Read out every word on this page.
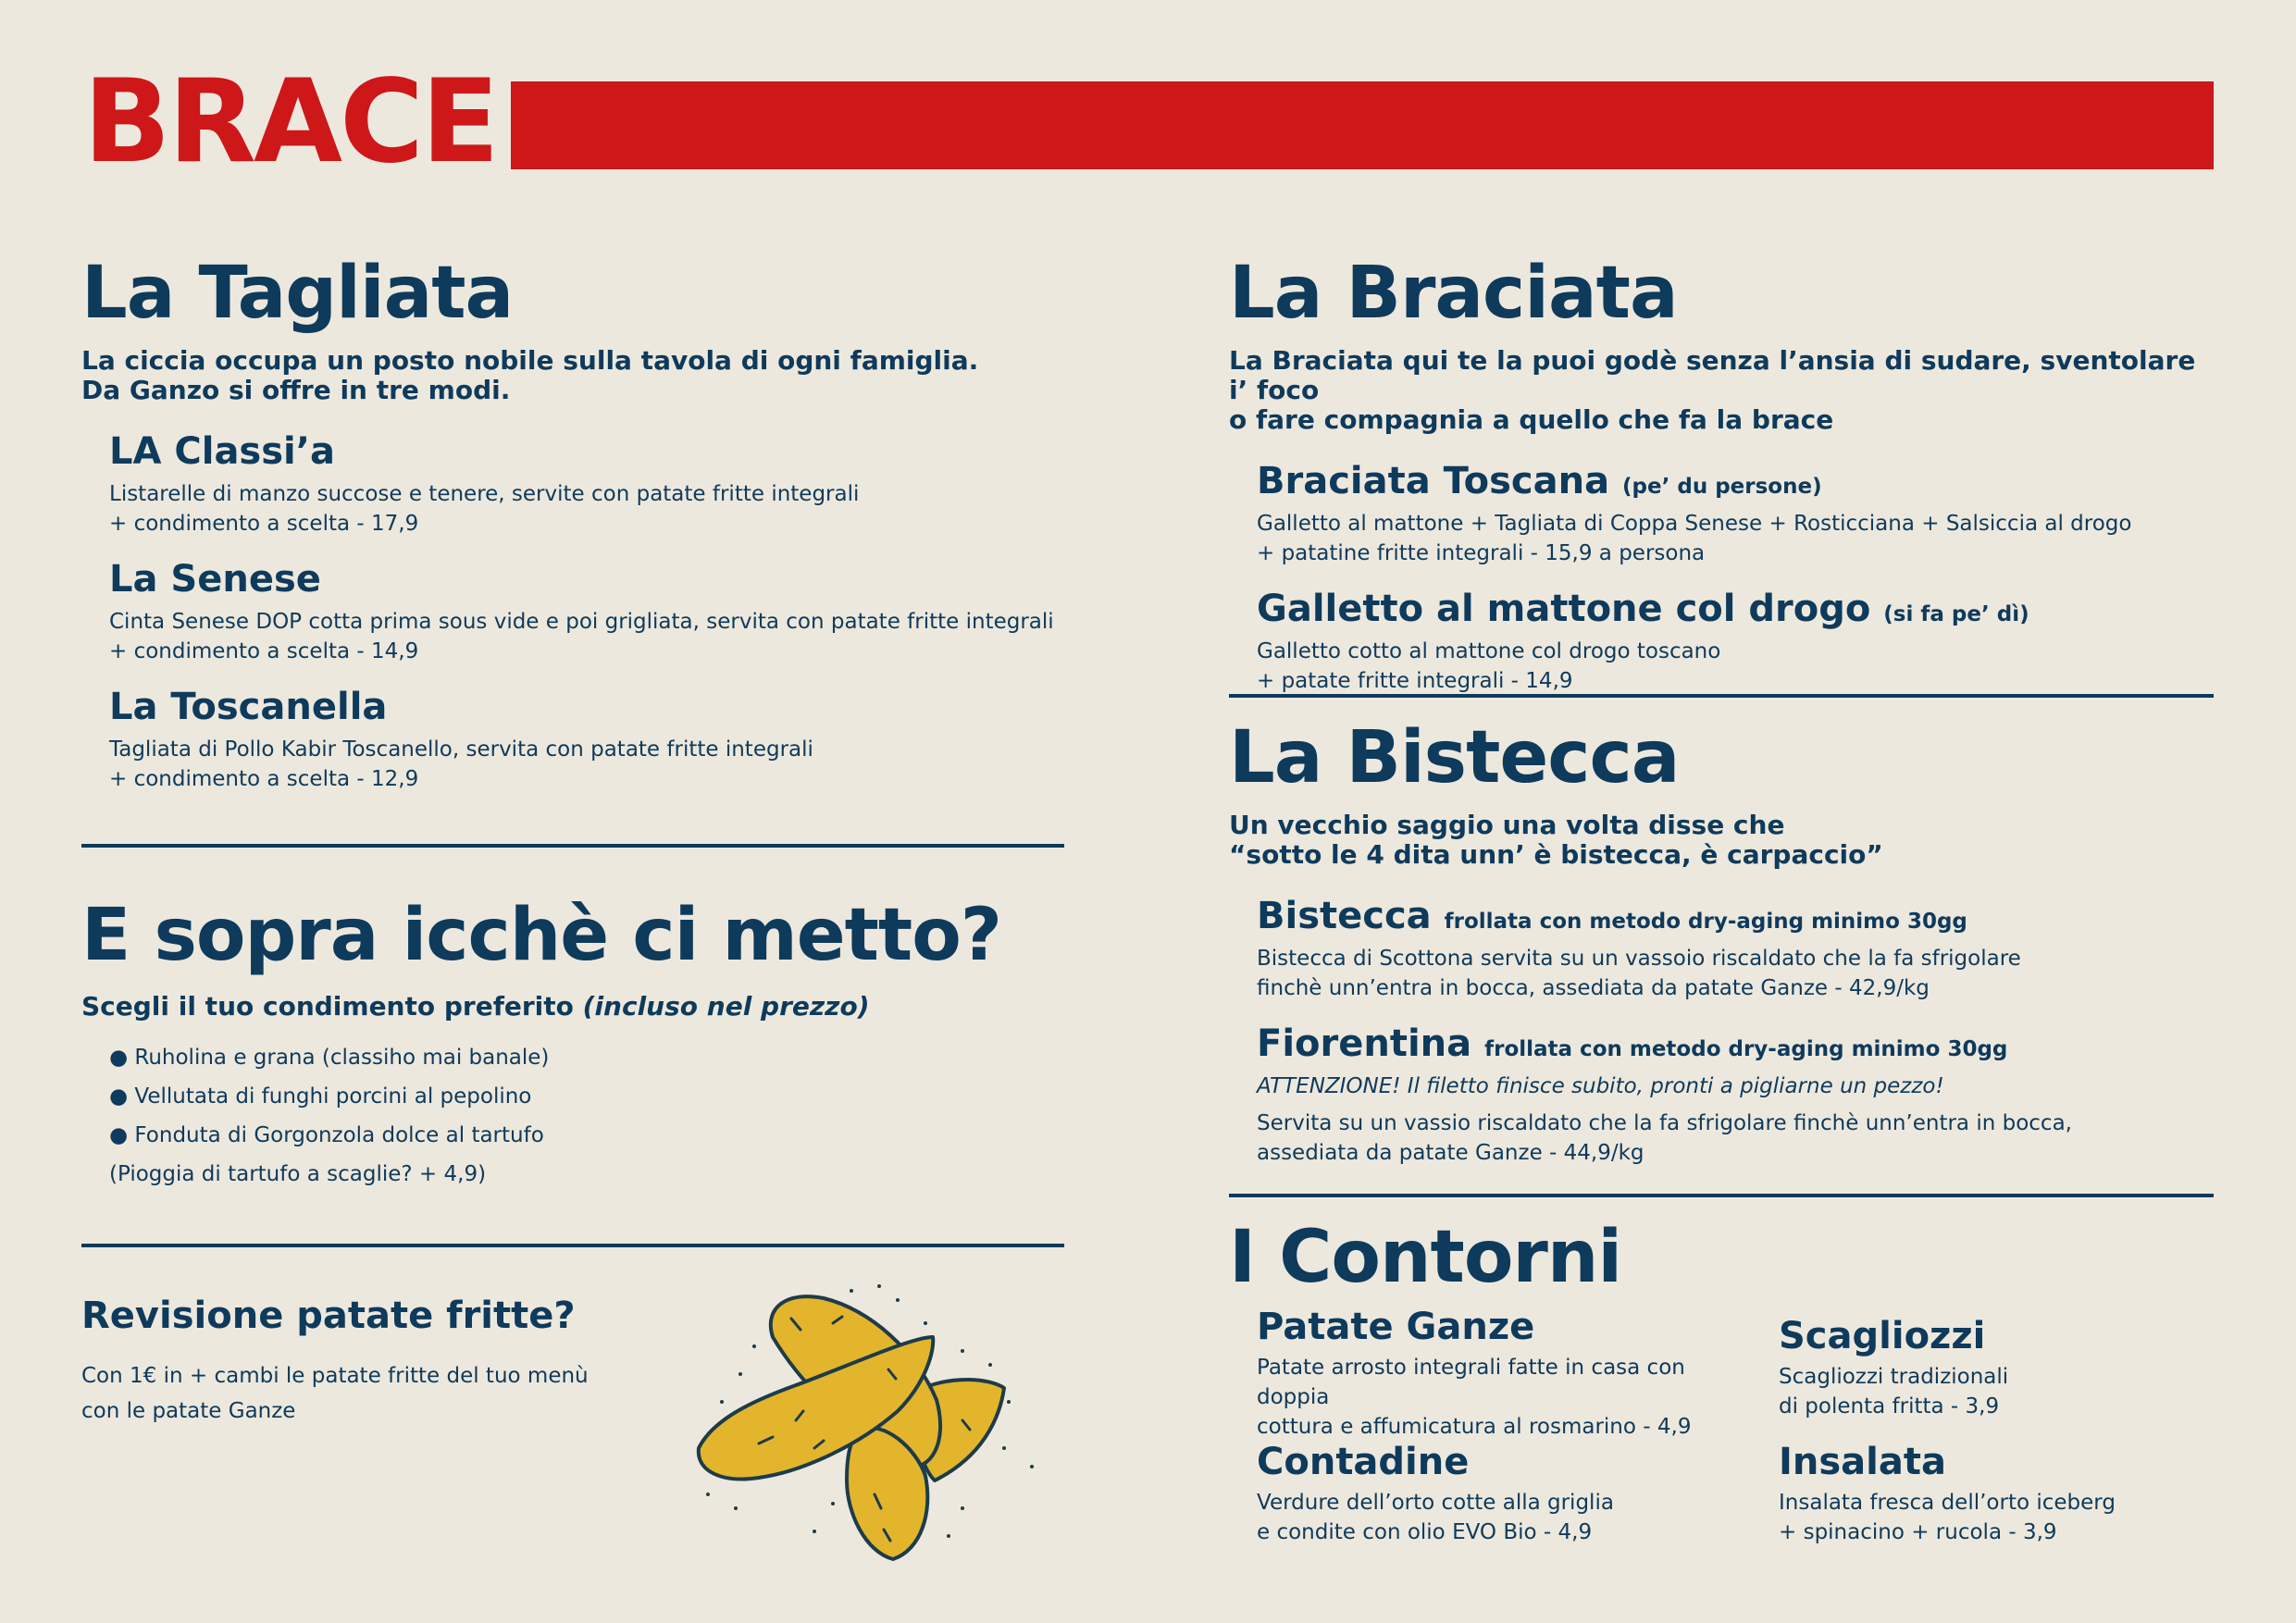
BRACE
La Tagliata
La ciccia occupa un posto nobile sulla tavola di ogni famiglia.
Da Ganzo si offre in tre modi.
LA Classi’a
Listarelle di manzo succose e tenere, servite con patate fritte integrali
+ condimento a scelta - 17,9
La Senese
Cinta Senese DOP cotta prima sous vide e poi grigliata, servita con patate fritte integrali
+ condimento a scelta - 14,9
La Toscanella
Tagliata di Pollo Kabir Toscanello, servita con patate fritte integrali
+ condimento a scelta - 12,9
E sopra icchè ci metto?
Scegli il tuo condimento preferito (incluso nel prezzo)
● Ruholina e grana (classiho mai banale)
● Vellutata di funghi porcini al pepolino
● Fonduta di Gorgonzola dolce al tartufo
(Pioggia di tartufo a scaglie? + 4,9)
Revisione patate fritte?
Con 1€ in + cambi le patate fritte del tuo menù
con le patate Ganze
La Braciata
La Braciata qui te la puoi godè senza l’ansia di sudare, sventolare i’ foco
o fare compagnia a quello che fa la brace
Braciata Toscana (pe’ du persone)
Galletto al mattone + Tagliata di Coppa Senese + Rosticciana + Salsiccia al drogo
+ patatine fritte integrali - 15,9 a persona
Galletto al mattone col drogo (si fa pe’ dì)
Galletto cotto al mattone col drogo toscano
+ patate fritte integrali - 14,9
La Bistecca
Un vecchio saggio una volta disse che
“sotto le 4 dita unn’ è bistecca, è carpaccio”
Bistecca frollata con metodo dry-aging minimo 30gg
Bistecca di Scottona servita su un vassoio riscaldato che la fa sfrigolare
finchè unn’entra in bocca, assediata da patate Ganze - 42,9/kg
Fiorentina frollata con metodo dry-aging minimo 30gg
ATTENZIONE! Il filetto finisce subito, pronti a pigliarne un pezzo!
Servita su un vassio riscaldato che la fa sfrigolare finchè unn’entra in bocca,
assediata da patate Ganze - 44,9/kg
I Contorni
Patate Ganze
Patate arrosto integrali fatte in casa con doppia
cottura e affumicatura al rosmarino - 4,9
Scagliozzi
Scagliozzi tradizionali
di polenta fritta - 3,9
Contadine
Verdure dell’orto cotte alla griglia
e condite con olio EVO Bio - 4,9
Insalata
Insalata fresca dell’orto iceberg
+ spinacino + rucola - 3,9
